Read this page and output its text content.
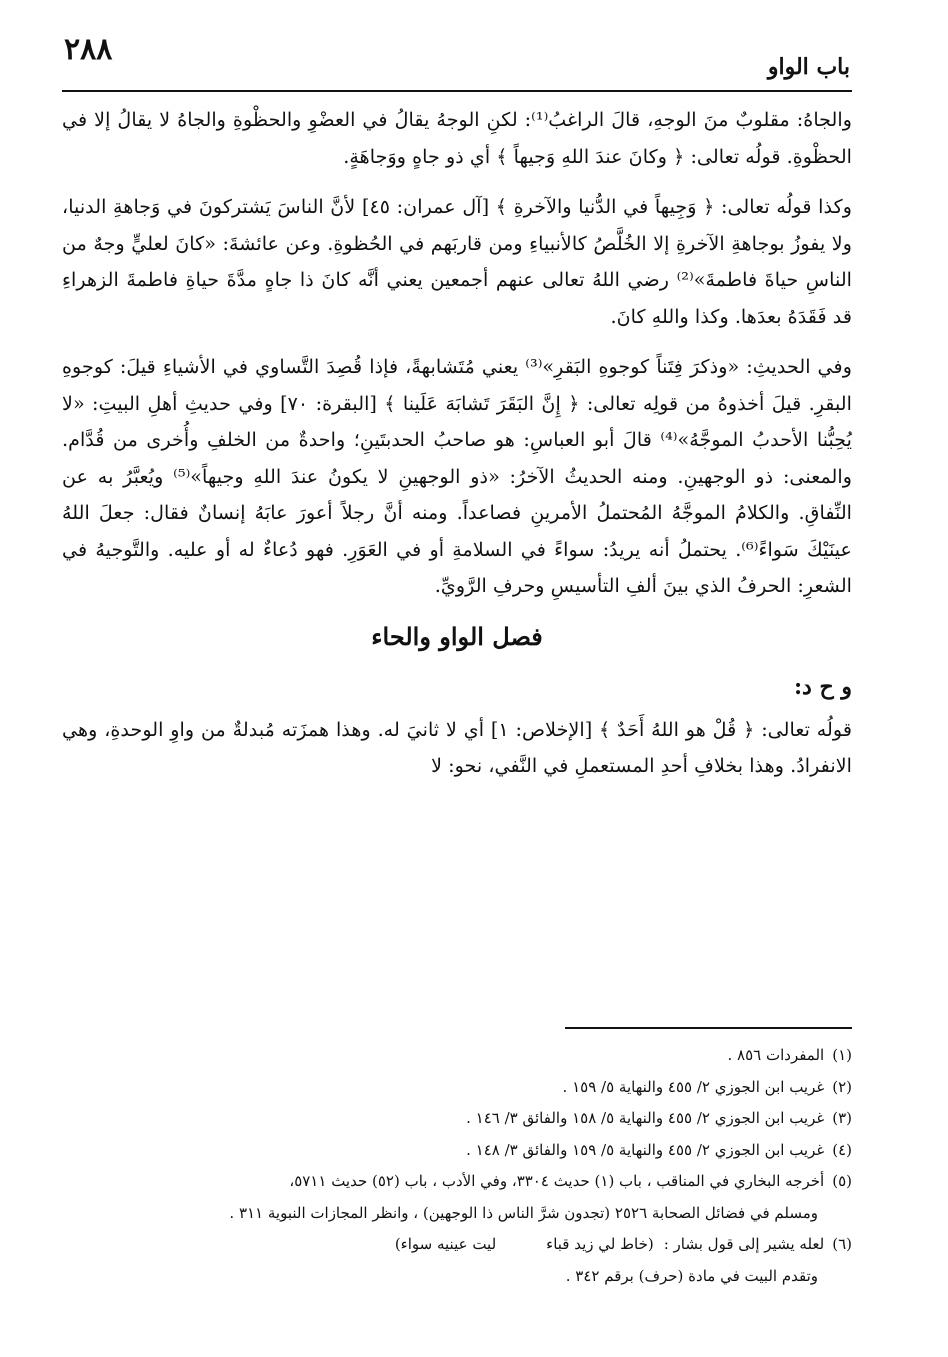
٢٨٨	باب الواو

والجاهُ: مقلوبٌ منَ الوجهِ، قالَ الراغبُ⁽¹⁾: لكنِ الوجهُ يقالُ في العضْوِ والحظْوةِ والجاهُ لا يقالُ إلا في الحظْوةِ. قولُه تعالى: ﴿ وكانَ عندَ اللهِ وَجيهاً ﴾ أي ذو جاهٍ ووَجاهَةٍ.

وكذا قولُه تعالى: ﴿ وَجِيهاً في الدُّنيا والآخرةِ ﴾ [آل عمران: ٤٥] لأنَّ الناسَ يَشتركونَ في وَجاهةِ الدنيا، ولا يفوزُ بوجاهةِ الآخرةِ إلا الخُلَّصُ كالأنبياءِ ومن قاربَهم في الحُظوةِ. وعن عائشةَ: «كانَ لعليٍّ وجهٌ من الناسِ حياةَ فاطمةَ»⁽²⁾ رضي اللهُ تعالى عنهم أجمعين يعني أنَّه كانَ ذا جاهٍ مدَّةَ حياةِ فاطمةَ الزهراءِ قد فَقَدَهُ بعدَها. وكذا واللهِ كانَ.

وفي الحديثِ: «وذكرَ فِتَناً كوجوهِ البَقرِ»⁽³⁾ يعني مُتَشابهةً، فإذا قُصِدَ التَّساوي في الأشياءِ قيلَ: كوجوهِ البقرِ. قيلَ أخذوهُ من قولِه تعالى: ﴿ إِنَّ البَقَرَ تَشابَهَ عَلَينا ﴾ [البقرة: ٧٠] وفي حديثِ أهلِ البيتِ: «لا يُحِبُّنا الأحدبُ الموجَّهُ»⁽⁴⁾ قالَ أبو العباسِ: هو صاحبُ الحدبتَينِ؛ واحدةٌ من الخلفِ وأُخرى من قُدَّام. والمعنى: ذو الوجهينِ. ومنه الحديثُ الآخرُ: «ذو الوجهينِ لا يكونُ عندَ اللهِ وجيهاً»⁽⁵⁾ ويُعبَّرُ به عن النِّفاقِ. والكلامُ الموجَّهُ المُحتملُ الأمرينِ فصاعداً. ومنه أنَّ رجلاً أعورَ عابَهُ إنسانٌ فقال: جعلَ اللهُ عينَيْكَ سَواءً⁽⁶⁾. يحتملُ أنه يريدُ: سواءً في السلامةِ أو في العَوَرِ. فهو دُعاءٌ له أو عليه. والتَّوجيهُ في الشعرِ: الحرفُ الذي بينَ ألفِ التأسيسِ وحرفِ الرَّويِّ.

فصل الواو والحاء
و ح د:

قولُه تعالى: ﴿ قُلْ هو اللهُ أَحَدٌ ﴾ [الإخلاص: ١] أي لا ثانيَ له. وهذا همزَته مُبدلةٌ من واوِ الوحدةِ، وهي الانفرادُ. وهذا بخلافِ أحدِ المستعملِ في النَّفي، نحو: لا

(١)المفردات ٨٥٦ .

(٢)غريب ابن الجوزي ٢/ ٤٥٥ والنهاية ٥/ ١٥٩ .

(٣)غريب ابن الجوزي ٢/ ٤٥٥ والنهاية ٥/ ١٥٨ والفائق ٣/ ١٤٦ .

(٤)غريب ابن الجوزي ٢/ ٤٥٥ والنهاية ٥/ ١٥٩ والفائق ٣/ ١٤٨ .

(٥)أخرجه البخاري في المناقب ، باب (١) حديث ٣٣٠٤، وفي الأدب ، باب (٥٢) حديث ٥٧١١،

ومسلم في فضائل الصحابة ٢٥٢٦ (تجدون شرَّ الناس ذا الوجهين) ، وانظر المجازات النبوية ٣١١ .

(٦)لعله يشير إلى قول بشار :(خاط لي زيد قباءليت عينيه سواء)

وتقدم البيت في مادة (حرف) برقم ٣٤٢ .
